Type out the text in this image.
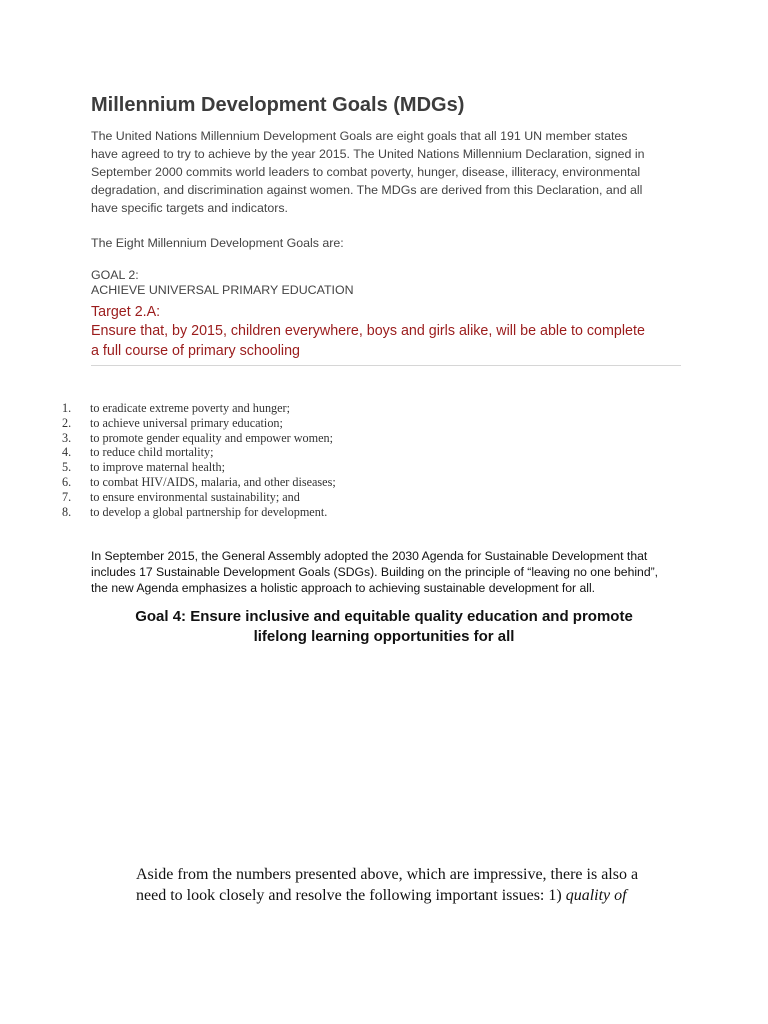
Millennium Development Goals (MDGs)

The United Nations Millennium Development Goals are eight goals that all 191 UN member states
have agreed to try to achieve by the year 2015. The United Nations Millennium Declaration, signed in
September 2000 commits world leaders to combat poverty, hunger, disease, illiteracy, environmental
degradation, and discrimination against women. The MDGs are derived from this Declaration, and all
have specific targets and indicators.

The Eight Millennium Development Goals are:

GOAL 2:

ACHIEVE UNIVERSAL PRIMARY EDUCATION

Target 2.A:

Ensure that, by 2015, children everywhere, boys and girls alike, will be able to complete
a full course of primary schooling

1. to eradicate extreme poverty and hunger;
2. to achieve universal primary education;
3. to promote gender equality and empower women;
4. to reduce child mortality;
5. to improve maternal health;
6. to combat HIV/AIDS, malaria, and other diseases;
7. to ensure environmental sustainability; and
8. to develop a global partnership for development.

In September 2015, the General Assembly adopted the 2030 Agenda for Sustainable Development that
includes 17 Sustainable Development Goals (SDGs). Building on the principle of “leaving no one behind”,
the new Agenda emphasizes a holistic approach to achieving sustainable development for all.

Goal 4: Ensure inclusive and equitable quality education and promote
lifelong learning opportunities for all

Aside from the numbers presented above, which are impressive, there is also a
need to look closely and resolve the following important issues: 1) quality of
